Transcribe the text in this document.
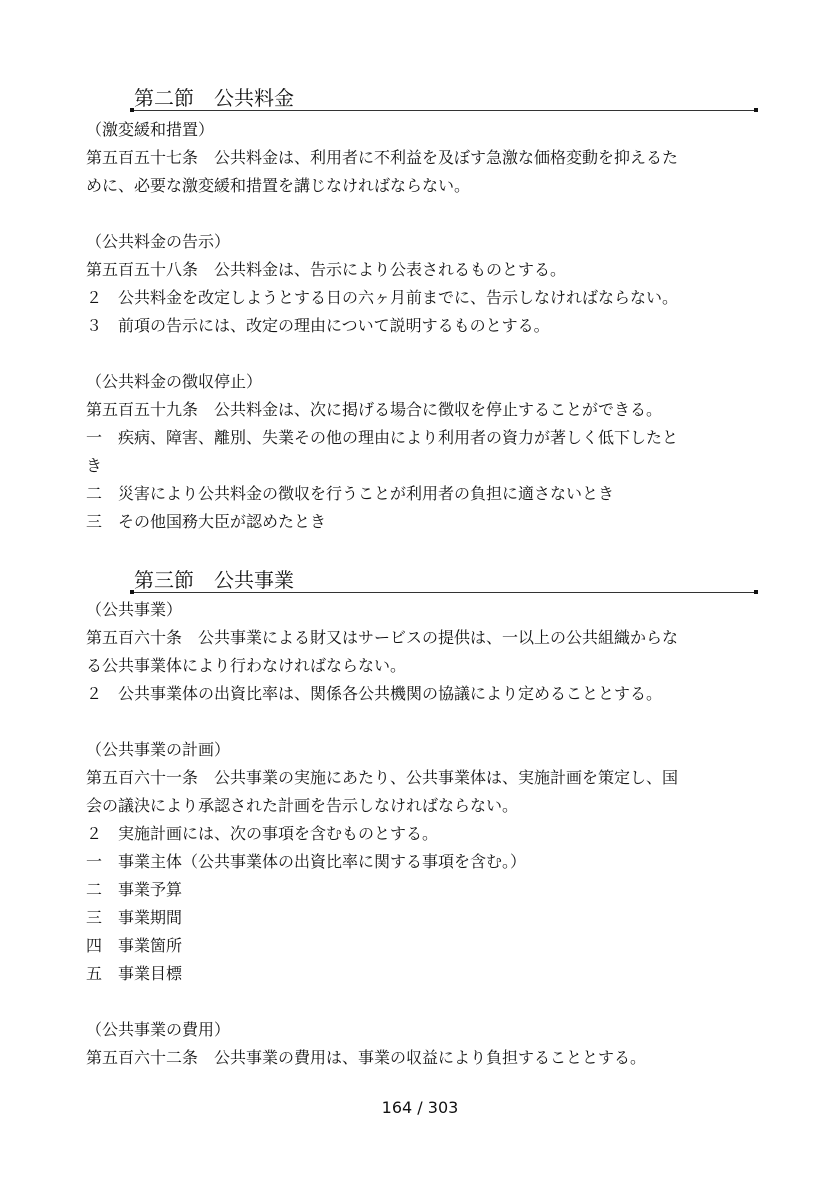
第二節　公共料金
（激変緩和措置）
第五百五十七条　公共料金は、利用者に不利益を及ぼす急激な価格変動を抑えるた
めに、必要な激変緩和措置を講じなければならない。
（公共料金の告示）
第五百五十八条　公共料金は、告示により公表されるものとする。
２　公共料金を改定しようとする日の六ヶ月前までに、告示しなければならない。
３　前項の告示には、改定の理由について説明するものとする。
（公共料金の徴収停止）
第五百五十九条　公共料金は、次に掲げる場合に徴収を停止することができる。
一　疾病、障害、離別、失業その他の理由により利用者の資力が著しく低下したと
き
二　災害により公共料金の徴収を行うことが利用者の負担に適さないとき
三　その他国務大臣が認めたとき
第三節　公共事業
（公共事業）
第五百六十条　公共事業による財又はサービスの提供は、一以上の公共組織からな
る公共事業体により行わなければならない。
２　公共事業体の出資比率は、関係各公共機関の協議により定めることとする。
（公共事業の計画）
第五百六十一条　公共事業の実施にあたり、公共事業体は、実施計画を策定し、国
会の議決により承認された計画を告示しなければならない。
２　実施計画には、次の事項を含むものとする。
一　事業主体（公共事業体の出資比率に関する事項を含む。）
二　事業予算
三　事業期間
四　事業箇所
五　事業目標
（公共事業の費用）
第五百六十二条　公共事業の費用は、事業の収益により負担することとする。
164 / 303
